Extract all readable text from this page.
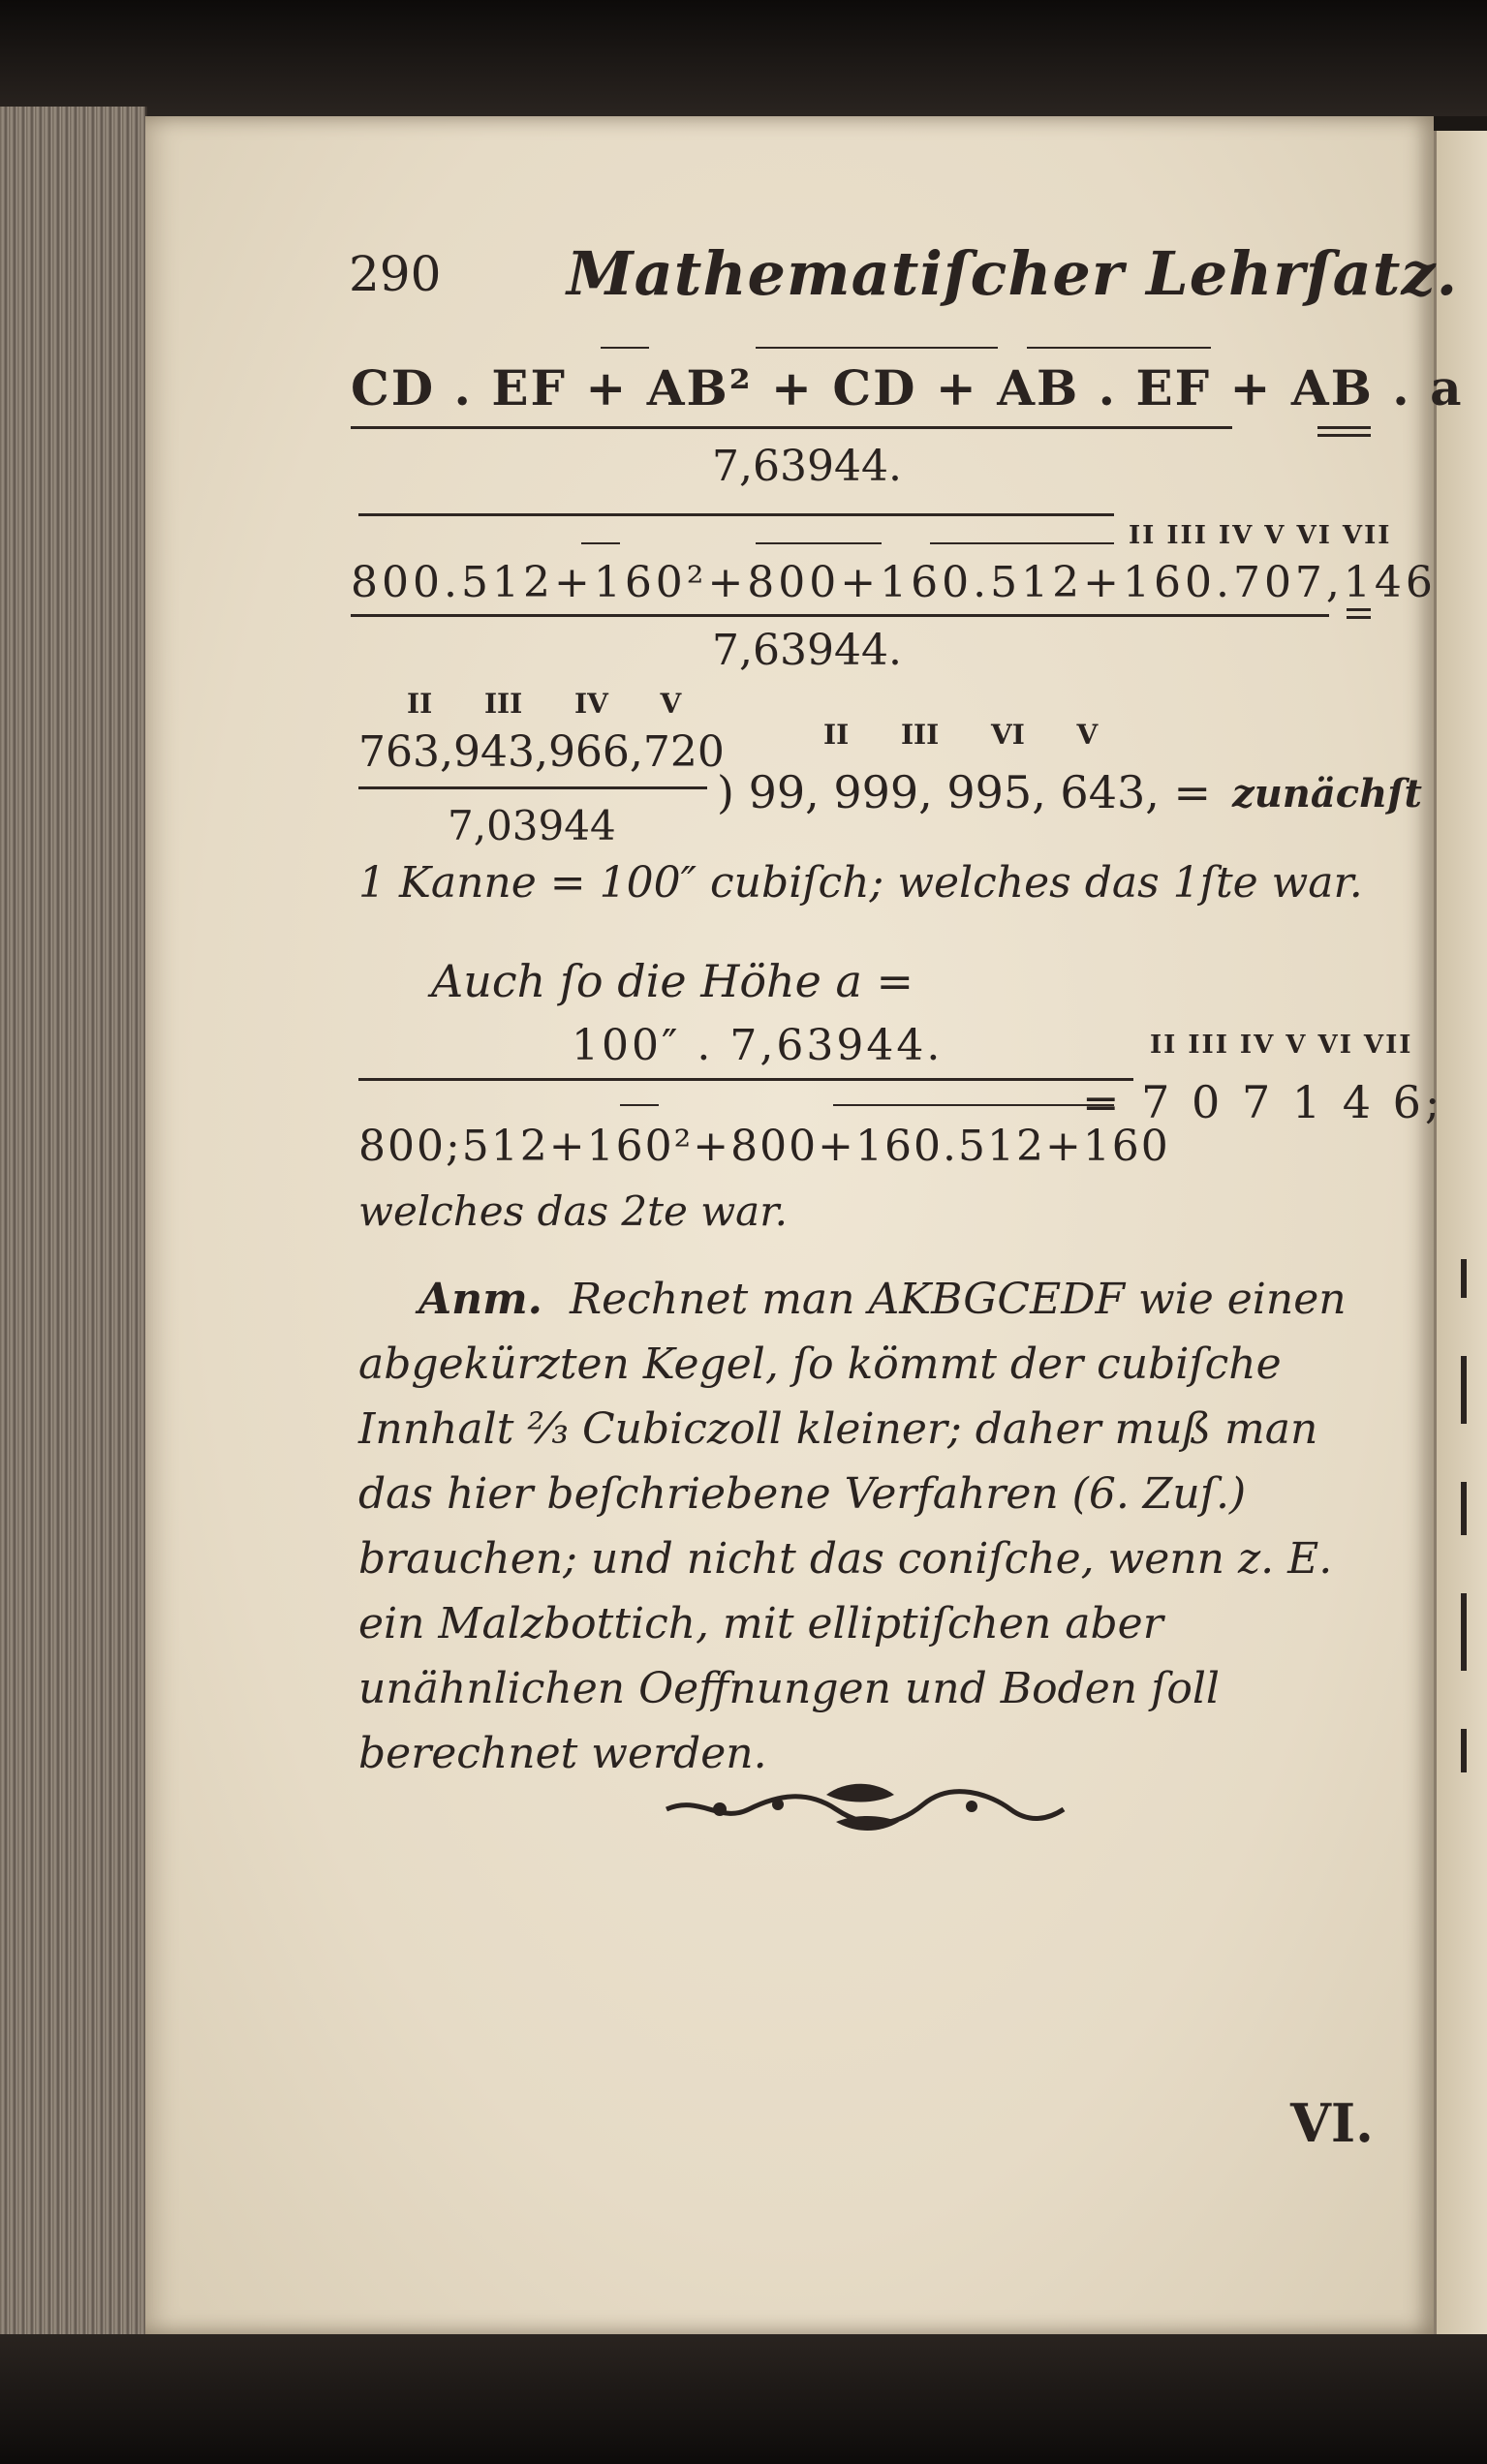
290 Mathematiſcher Lehrſatz.
CD . EF + AB² + CD + AB . EF + AB . a
7,63944.
II III IV V VI VII
800.512+160²+800+160.512+160.707,146
7,63944.
II III IV V
763,943,966,720
7,03944
II III VI V
) 99, 999, 995, 643, = zunächſt
1 Kanne = 100″ cubiſch; welches das 1ſte war.
Auch ſo die Höhe a =
100″ . 7,63944.	II III IV V VI VII
= 7 0 7 1 4 6;
800;512+160²+800+160.512+160
welches das 2te war.

Anm. Rechnet man AKBGCEDF wie einen abgekürzten Kegel, ſo kömmt der cubiſche Innhalt ⅔ Cubiczoll kleiner; daher muß man das hier beſchriebene Verfahren (6. Zuſ.) brauchen; und nicht das coniſche, wenn z. E. ein Malzbottich, mit elliptiſchen aber unähnlichen Oeffnungen und Boden ſoll berechnet werden.

VI.
